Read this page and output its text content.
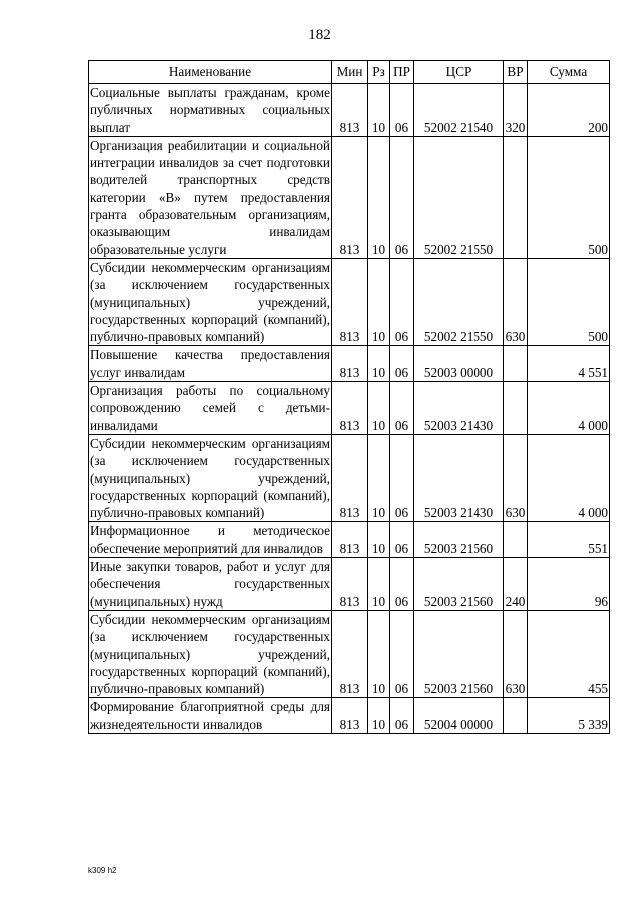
182
Наименование	Мин	Рз	ПР	ЦСР	ВР	Сумма
Социальные выплаты гражданам, кроме публичных нормативных социальных выплат	813	10	06	52002 21540	320	200
Организация реабилитации и социальной интеграции инвалидов за счет подготовки водителей транспортных средств категории «В» путем предоставления гранта образовательным организациям, оказывающим инвалидам образовательные услуги	813	10	06	52002 21550		500
Субсидии некоммерческим организациям (за исключением государственных (муниципальных) учреждений, государственных корпораций (компаний), публично-правовых компаний)	813	10	06	52002 21550	630	500
Повышение качества предоставления услуг инвалидам	813	10	06	52003 00000		4 551
Организация работы по социальному сопровождению семей с детьми-инвалидами	813	10	06	52003 21430		4 000
Субсидии некоммерческим организациям (за исключением государственных (муниципальных) учреждений, государственных корпораций (компаний), публично-правовых компаний)	813	10	06	52003 21430	630	4 000
Информационное и методическое обеспечение мероприятий для инвалидов	813	10	06	52003 21560		551
Иные закупки товаров, работ и услуг для обеспечения государственных (муниципальных) нужд	813	10	06	52003 21560	240	96
Субсидии некоммерческим организациям (за исключением государственных (муниципальных) учреждений, государственных корпораций (компаний), публично-правовых компаний)	813	10	06	52003 21560	630	455
Формирование благоприятной среды для жизнедеятельности инвалидов	813	10	06	52004 00000		5 339
k309 h2
